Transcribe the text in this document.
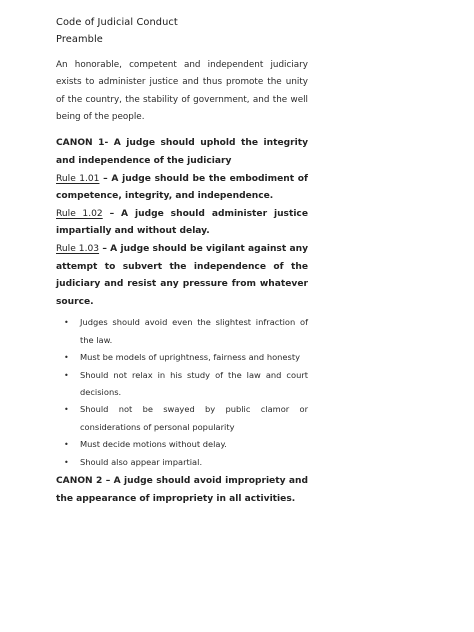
Code of Judicial Conduct
Preamble

An honorable, competent and independent judiciary exists to administer justice and thus promote the unity of the country, the stability of government, and the well being of the people.

CANON 1- A judge should uphold the integrity and independence of the judiciary

Rule 1.01 – A judge should be the embodiment of competence, integrity, and independence.

Rule 1.02 – A judge should administer justice impartially and without delay.

Rule 1.03 – A judge should be vigilant against any attempt to subvert the independence of the judiciary and resist any pressure from whatever source.

• Judges should avoid even the slightest infraction of the law.
• Must be models of uprightness, fairness and honesty
• Should not relax in his study of the law and court decisions.
• Should not be swayed by public clamor or considerations of personal popularity
• Must decide motions without delay.
• Should also appear impartial.

CANON 2 – A judge should avoid impropriety and the appearance of impropriety in all activities.
